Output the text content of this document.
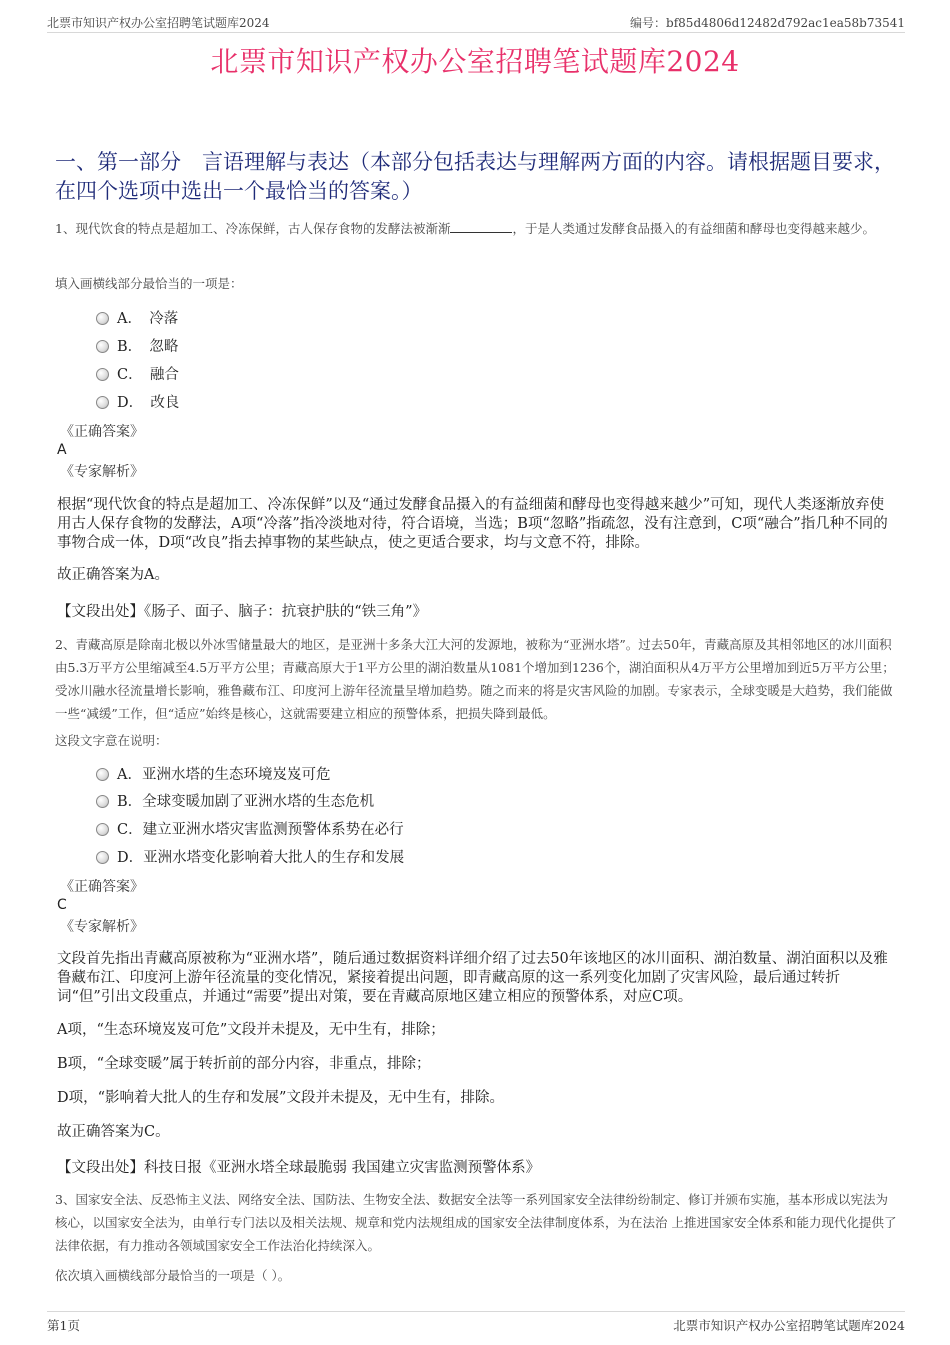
北票市知识产权办公室招聘笔试题库2024	编号：bf85d4806d12482d792ac1ea58b73541
北票市知识产权办公室招聘笔试题库2024
一、第一部分　言语理解与表达（本部分包括表达与理解两方面的内容。请根据题目要求，在四个选项中选出一个最恰当的答案。）
1、现代饮食的特点是超加工、冷冻保鲜，古人保存食物的发酵法被渐渐	，于是人类通过发酵食品摄入的有益细菌和酵母也变得越来越少。
填入画横线部分最恰当的一项是：
A．　冷落
B．　忽略
C．　融合
D．　改良
《正确答案》
A
《专家解析》
根据“现代饮食的特点是超加工、冷冻保鲜”以及“通过发酵食品摄入的有益细菌和酵母也变得越来越少”可知，现代人类逐渐放弃使用古人保存食物的发酵法，A项“冷落”指冷淡地对待，符合语境，当选；B项“忽略”指疏忽，没有注意到，C项“融合”指几种不同的事物合成一体，D项“改良”指去掉事物的某些缺点，使之更适合要求，均与文意不符，排除。
故正确答案为A。
【文段出处】《肠子、面子、脑子：抗衰护肤的“铁三角”》
2、青藏高原是除南北极以外冰雪储量最大的地区，是亚洲十多条大江大河的发源地，被称为“亚洲水塔”。过去50年，青藏高原及其相邻地区的冰川面积由5.3万平方公里缩减至4.5万平方公里；青藏高原大于1平方公里的湖泊数量从1081个增加到1236个，湖泊面积从4万平方公里增加到近5万平方公里；受冰川融水径流量增长影响，雅鲁藏布江、印度河上游年径流量呈增加趋势。随之而来的将是灾害风险的加剧。专家表示，全球变暖是大趋势，我们能做一些“减缓”工作，但“适应”始终是核心，这就需要建立相应的预警体系，把损失降到最低。
这段文字意在说明：
A．亚洲水塔的生态环境岌岌可危
B．全球变暖加剧了亚洲水塔的生态危机
C．建立亚洲水塔灾害监测预警体系势在必行
D．亚洲水塔变化影响着大批人的生存和发展
《正确答案》
C
《专家解析》
文段首先指出青藏高原被称为“亚洲水塔”，随后通过数据资料详细介绍了过去50年该地区的冰川面积、湖泊数量、湖泊面积以及雅鲁藏布江、印度河上游年径流量的变化情况，紧接着提出问题，即青藏高原的这一系列变化加剧了灾害风险，最后通过转折词“但”引出文段重点，并通过“需要”提出对策，要在青藏高原地区建立相应的预警体系，对应C项。
A项，“生态环境岌岌可危”文段并未提及，无中生有，排除；
B项，“全球变暖”属于转折前的部分内容，非重点，排除；
D项，“影响着大批人的生存和发展”文段并未提及，无中生有，排除。
故正确答案为C。
【文段出处】科技日报《亚洲水塔全球最脆弱 我国建立灾害监测预警体系》
3、国家安全法、反恐怖主义法、网络安全法、国防法、生物安全法、数据安全法等一系列国家安全法律纷纷制定、修订并颁布实施，基本形成以宪法为核心，以国家安全法为，由单行专门法以及相关法规、规章和党内法规组成的国家安全法律制度体系，为在法治 上推进国家安全体系和能力现代化提供了法律依据，有力推动各领域国家安全工作法治化持续深入。
依次填入画横线部分最恰当的一项是（ ）。
第1页	北票市知识产权办公室招聘笔试题库2024
